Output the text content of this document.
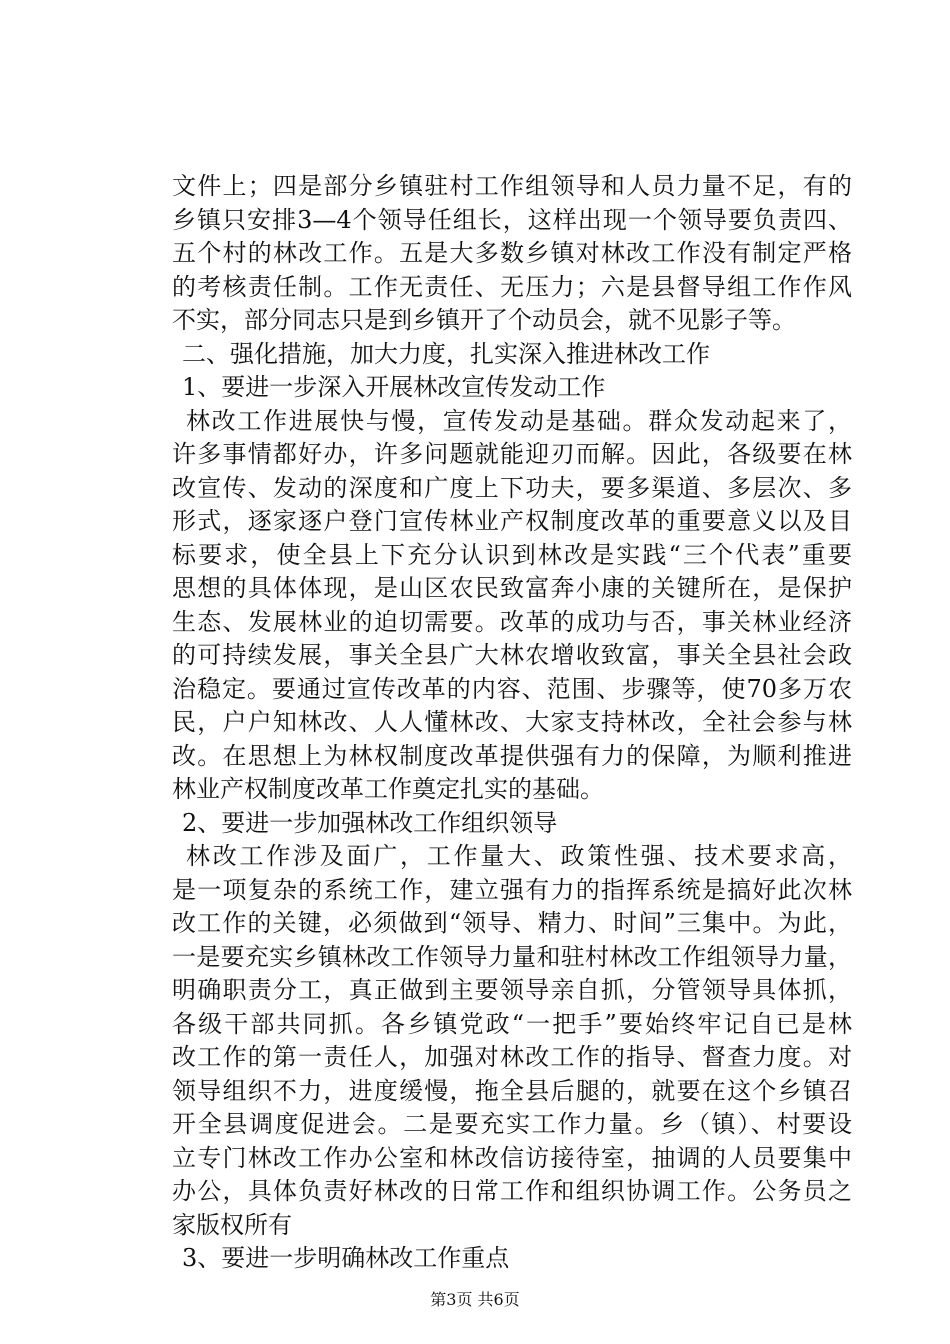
文件上；四是部分乡镇驻村工作组领导和人员力量不足，有的
乡镇只安排3—4个领导任组长，这样出现一个领导要负责四、
五个村的林改工作。五是大多数乡镇对林改工作没有制定严格
的考核责任制。工作无责任、无压力；六是县督导组工作作风
不实，部分同志只是到乡镇开了个动员会，就不见影子等。
二、强化措施，加大力度，扎实深入推进林改工作
1、要进一步深入开展林改宣传发动工作
林改工作进展快与慢，宣传发动是基础。群众发动起来了，
许多事情都好办，许多问题就能迎刃而解。因此，各级要在林
改宣传、发动的深度和广度上下功夫，要多渠道、多层次、多
形式，逐家逐户登门宣传林业产权制度改革的重要意义以及目
标要求，使全县上下充分认识到林改是实践“三个代表”重要
思想的具体体现，是山区农民致富奔小康的关键所在，是保护
生态、发展林业的迫切需要。改革的成功与否，事关林业经济
的可持续发展，事关全县广大林农增收致富，事关全县社会政
治稳定。要通过宣传改革的内容、范围、步骤等，使70多万农
民，户户知林改、人人懂林改、大家支持林改，全社会参与林
改。在思想上为林权制度改革提供强有力的保障，为顺利推进
林业产权制度改革工作奠定扎实的基础。
2、要进一步加强林改工作组织领导
林改工作涉及面广，工作量大、政策性强、技术要求高，
是一项复杂的系统工作，建立强有力的指挥系统是搞好此次林
改工作的关键，必须做到“领导、精力、时间”三集中。为此，
一是要充实乡镇林改工作领导力量和驻村林改工作组领导力量，
明确职责分工，真正做到主要领导亲自抓，分管领导具体抓，
各级干部共同抓。各乡镇党政“一把手”要始终牢记自已是林
改工作的第一责任人，加强对林改工作的指导、督查力度。对
领导组织不力，进度缓慢，拖全县后腿的，就要在这个乡镇召
开全县调度促进会。二是要充实工作力量。乡（镇）、村要设
立专门林改工作办公室和林改信访接待室，抽调的人员要集中
办公，具体负责好林改的日常工作和组织协调工作。公务员之
家版权所有
3、要进一步明确林改工作重点
第3页 共6页
